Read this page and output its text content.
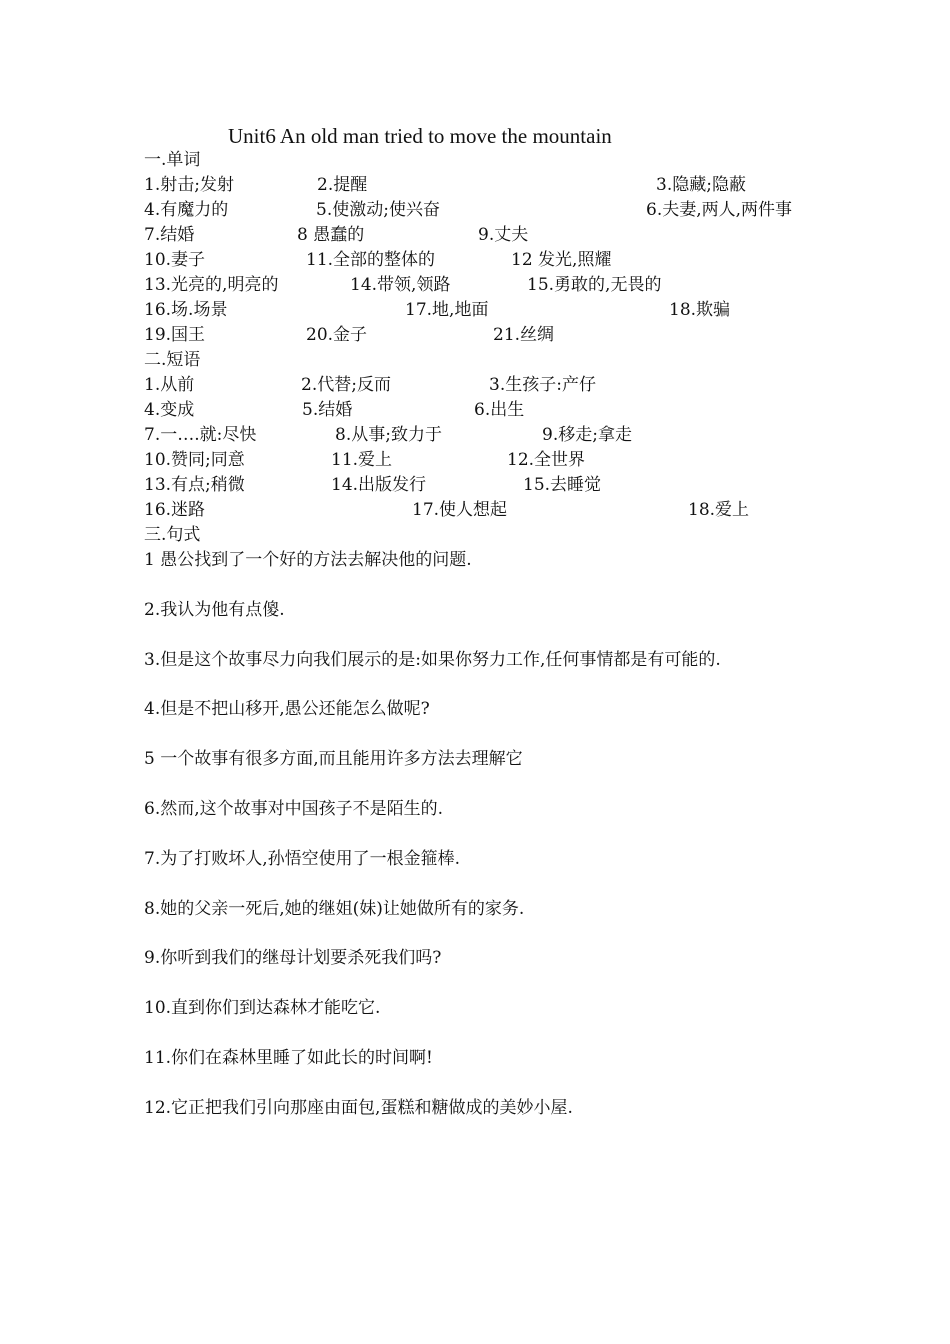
Unit6 An old man tried to move the mountain
一.单词
1.射击;发射	2.提醒	3.隐藏;隐蔽
4.有魔力的	5.使激动;使兴奋	6.夫妻,两人,两件事
7.结婚	8 愚蠢的	9.丈夫
10.妻子	11.全部的整体的	12 发光,照耀
13.光亮的,明亮的	14.带领,领路	15.勇敢的,无畏的
16.场.场景	17.地,地面	18.欺骗
19.国王	20.金子	21.丝绸
二.短语
1.从前	2.代替;反而	3.生孩子:产仔
4.变成	5.结婚	6.出生
7.一….就:尽快	8.从事;致力于	9.移走;拿走
10.赞同;同意	11.爱上	12.全世界
13.有点;稍微	14.出版发行	15.去睡觉
16.迷路	17.使人想起	18.爱上
三.句式
1 愚公找到了一个好的方法去解决他的问题.
2.我认为他有点傻.
3.但是这个故事尽力向我们展示的是:如果你努力工作,任何事情都是有可能的.
4.但是不把山移开,愚公还能怎么做呢?
5 一个故事有很多方面,而且能用许多方法去理解它
6.然而,这个故事对中国孩子不是陌生的.
7.为了打败坏人,孙悟空使用了一根金箍棒.
8.她的父亲一死后,她的继姐(妹)让她做所有的家务.
9.你听到我们的继母计划要杀死我们吗?
10.直到你们到达森林才能吃它.
11.你们在森林里睡了如此长的时间啊!
12.它正把我们引向那座由面包,蛋糕和糖做成的美妙小屋.
